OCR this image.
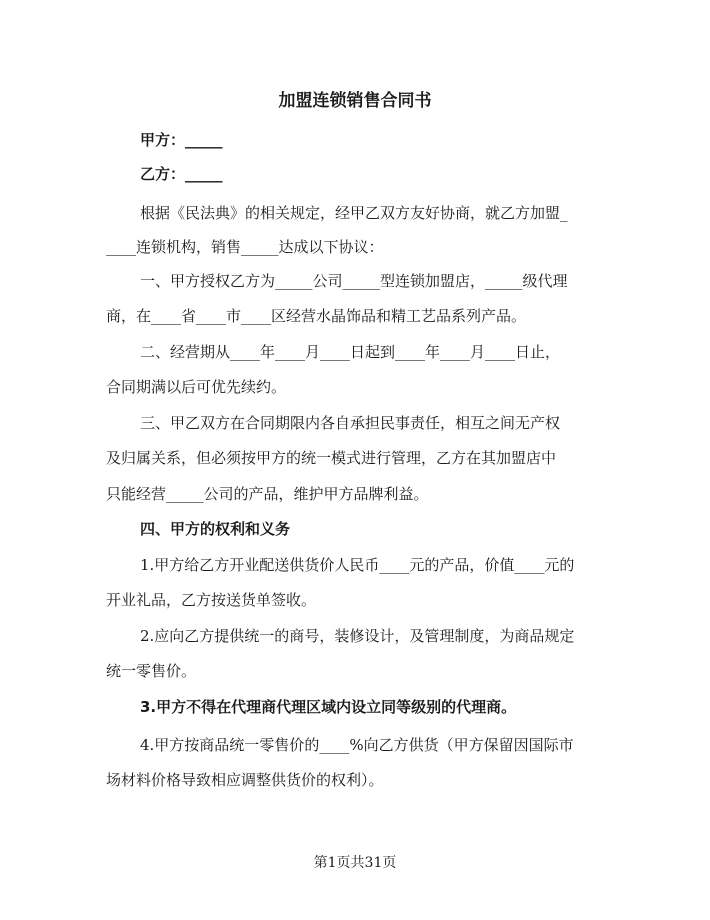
加盟连锁销售合同书
甲方：_____
乙方：_____
根据《民法典》的相关规定，经甲乙双方友好协商，就乙方加盟_
____连锁机构，销售_____达成以下协议：
一、甲方授权乙方为_____公司_____型连锁加盟店，_____级代理
商，在____省____市____区经营水晶饰品和精工艺品系列产品。
二、经营期从____年____月____日起到____年____月____日止，
合同期满以后可优先续约。
三、甲乙双方在合同期限内各自承担民事责任，相互之间无产权
及归属关系，但必须按甲方的统一模式进行管理，乙方在其加盟店中
只能经营_____公司的产品，维护甲方品牌利益。
四、甲方的权利和义务
1.甲方给乙方开业配送供货价人民币____元的产品，价值____元的
开业礼品，乙方按送货单签收。
2.应向乙方提供统一的商号，装修设计，及管理制度，为商品规定
统一零售价。
3.甲方不得在代理商代理区域内设立同等级别的代理商。
4.甲方按商品统一零售价的____%向乙方供货（甲方保留因国际市
场材料价格导致相应调整供货价的权利）。
第1页共31页
